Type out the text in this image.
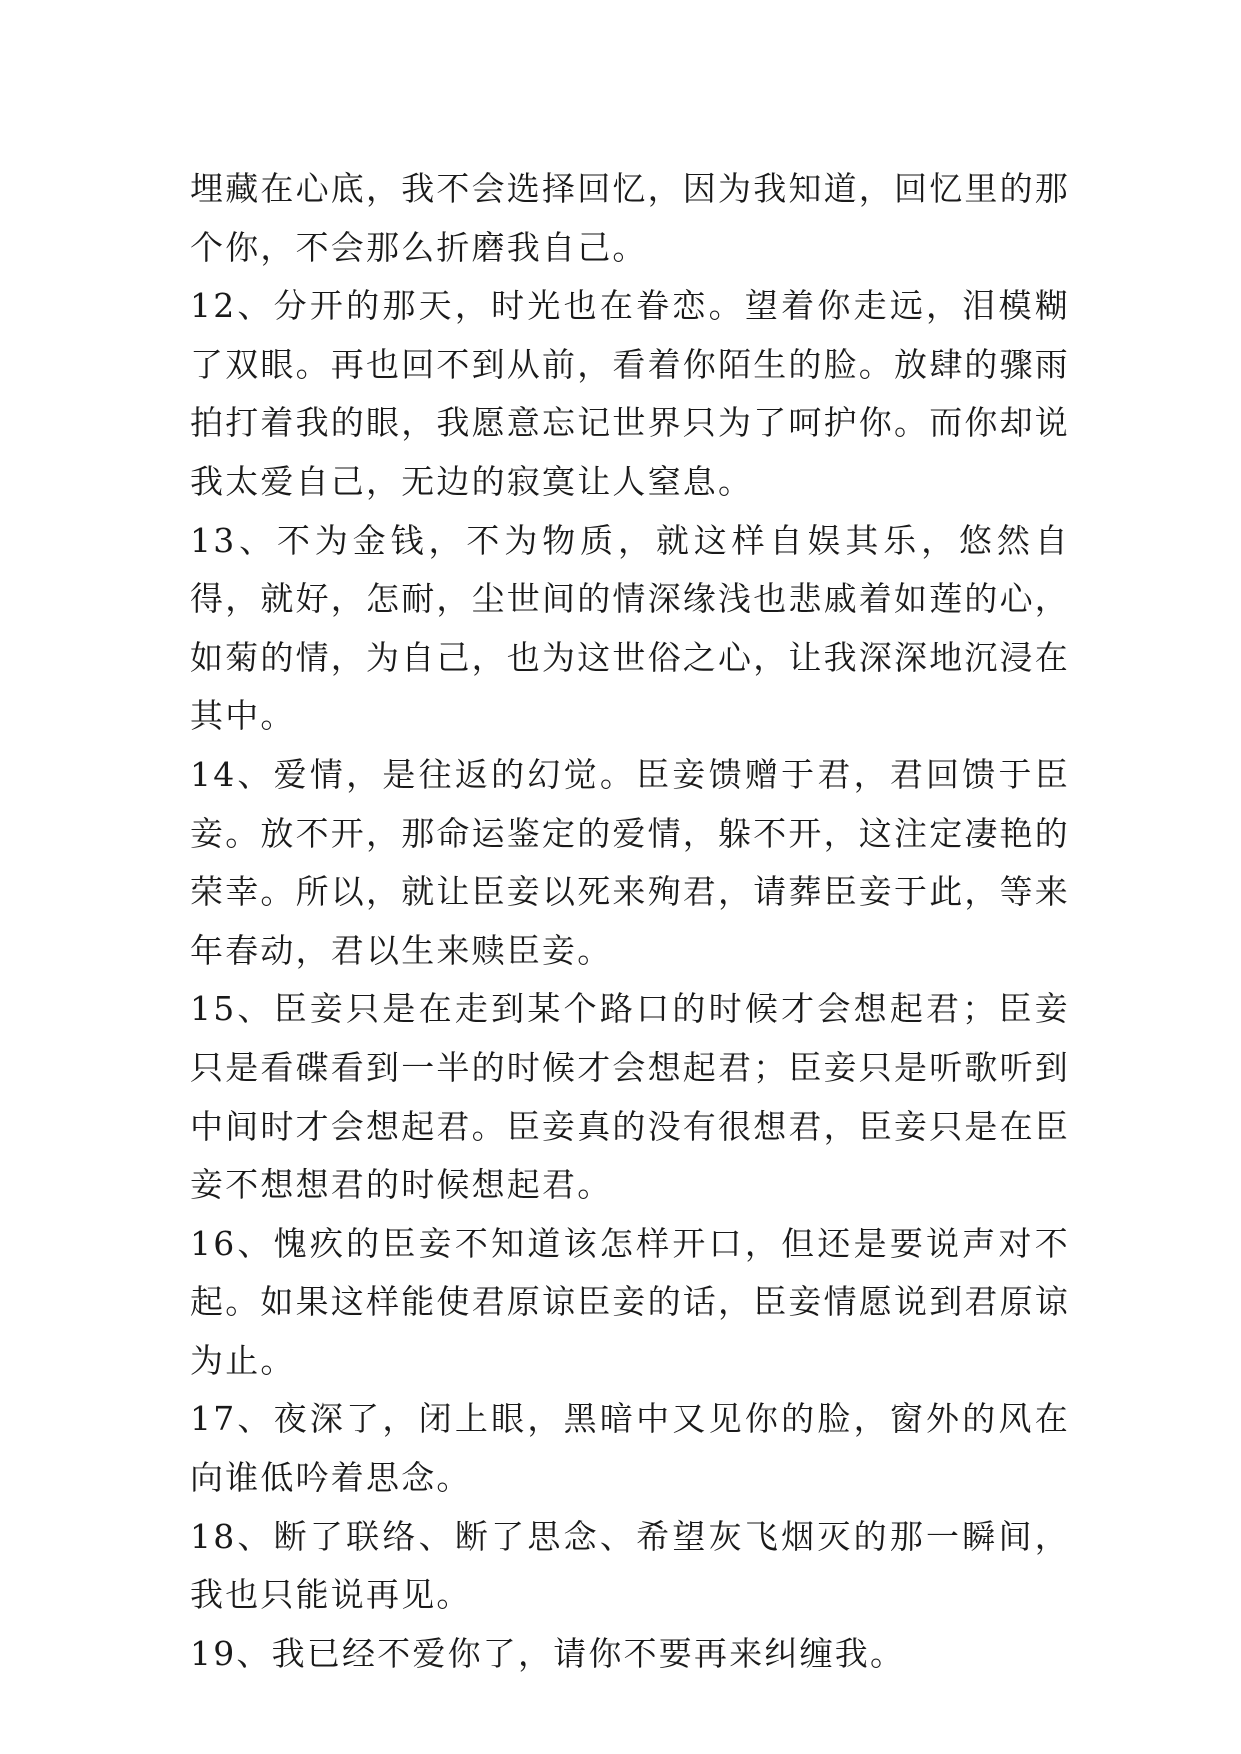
埋藏在心底，我不会选择回忆，因为我知道，回忆里的那个你，不会那么折磨我自己。

12、分开的那天，时光也在眷恋。望着你走远，泪模糊了双眼。再也回不到从前，看着你陌生的脸。放肆的骤雨拍打着我的眼，我愿意忘记世界只为了呵护你。而你却说我太爱自己，无边的寂寞让人窒息。

13、不为金钱，不为物质，就这样自娱其乐，悠然自得，就好，怎耐，尘世间的情深缘浅也悲戚着如莲的心，如菊的情，为自己，也为这世俗之心，让我深深地沉浸在其中。

14、爱情，是往返的幻觉。臣妾馈赠于君，君回馈于臣妾。放不开，那命运鉴定的爱情，躲不开，这注定凄艳的荣幸。所以，就让臣妾以死来殉君，请葬臣妾于此，等来年春动，君以生来赎臣妾。

15、臣妾只是在走到某个路口的时候才会想起君；臣妾只是看碟看到一半的时候才会想起君；臣妾只是听歌听到中间时才会想起君。臣妾真的没有很想君，臣妾只是在臣妾不想想君的时候想起君。

16、愧疚的臣妾不知道该怎样开口，但还是要说声对不起。如果这样能使君原谅臣妾的话，臣妾情愿说到君原谅为止。

17、夜深了，闭上眼，黑暗中又见你的脸，窗外的风在向谁低吟着思念。

18、断了联络、断了思念、希望灰飞烟灭的那一瞬间，我也只能说再见。

19、我已经不爱你了，请你不要再来纠缠我。
